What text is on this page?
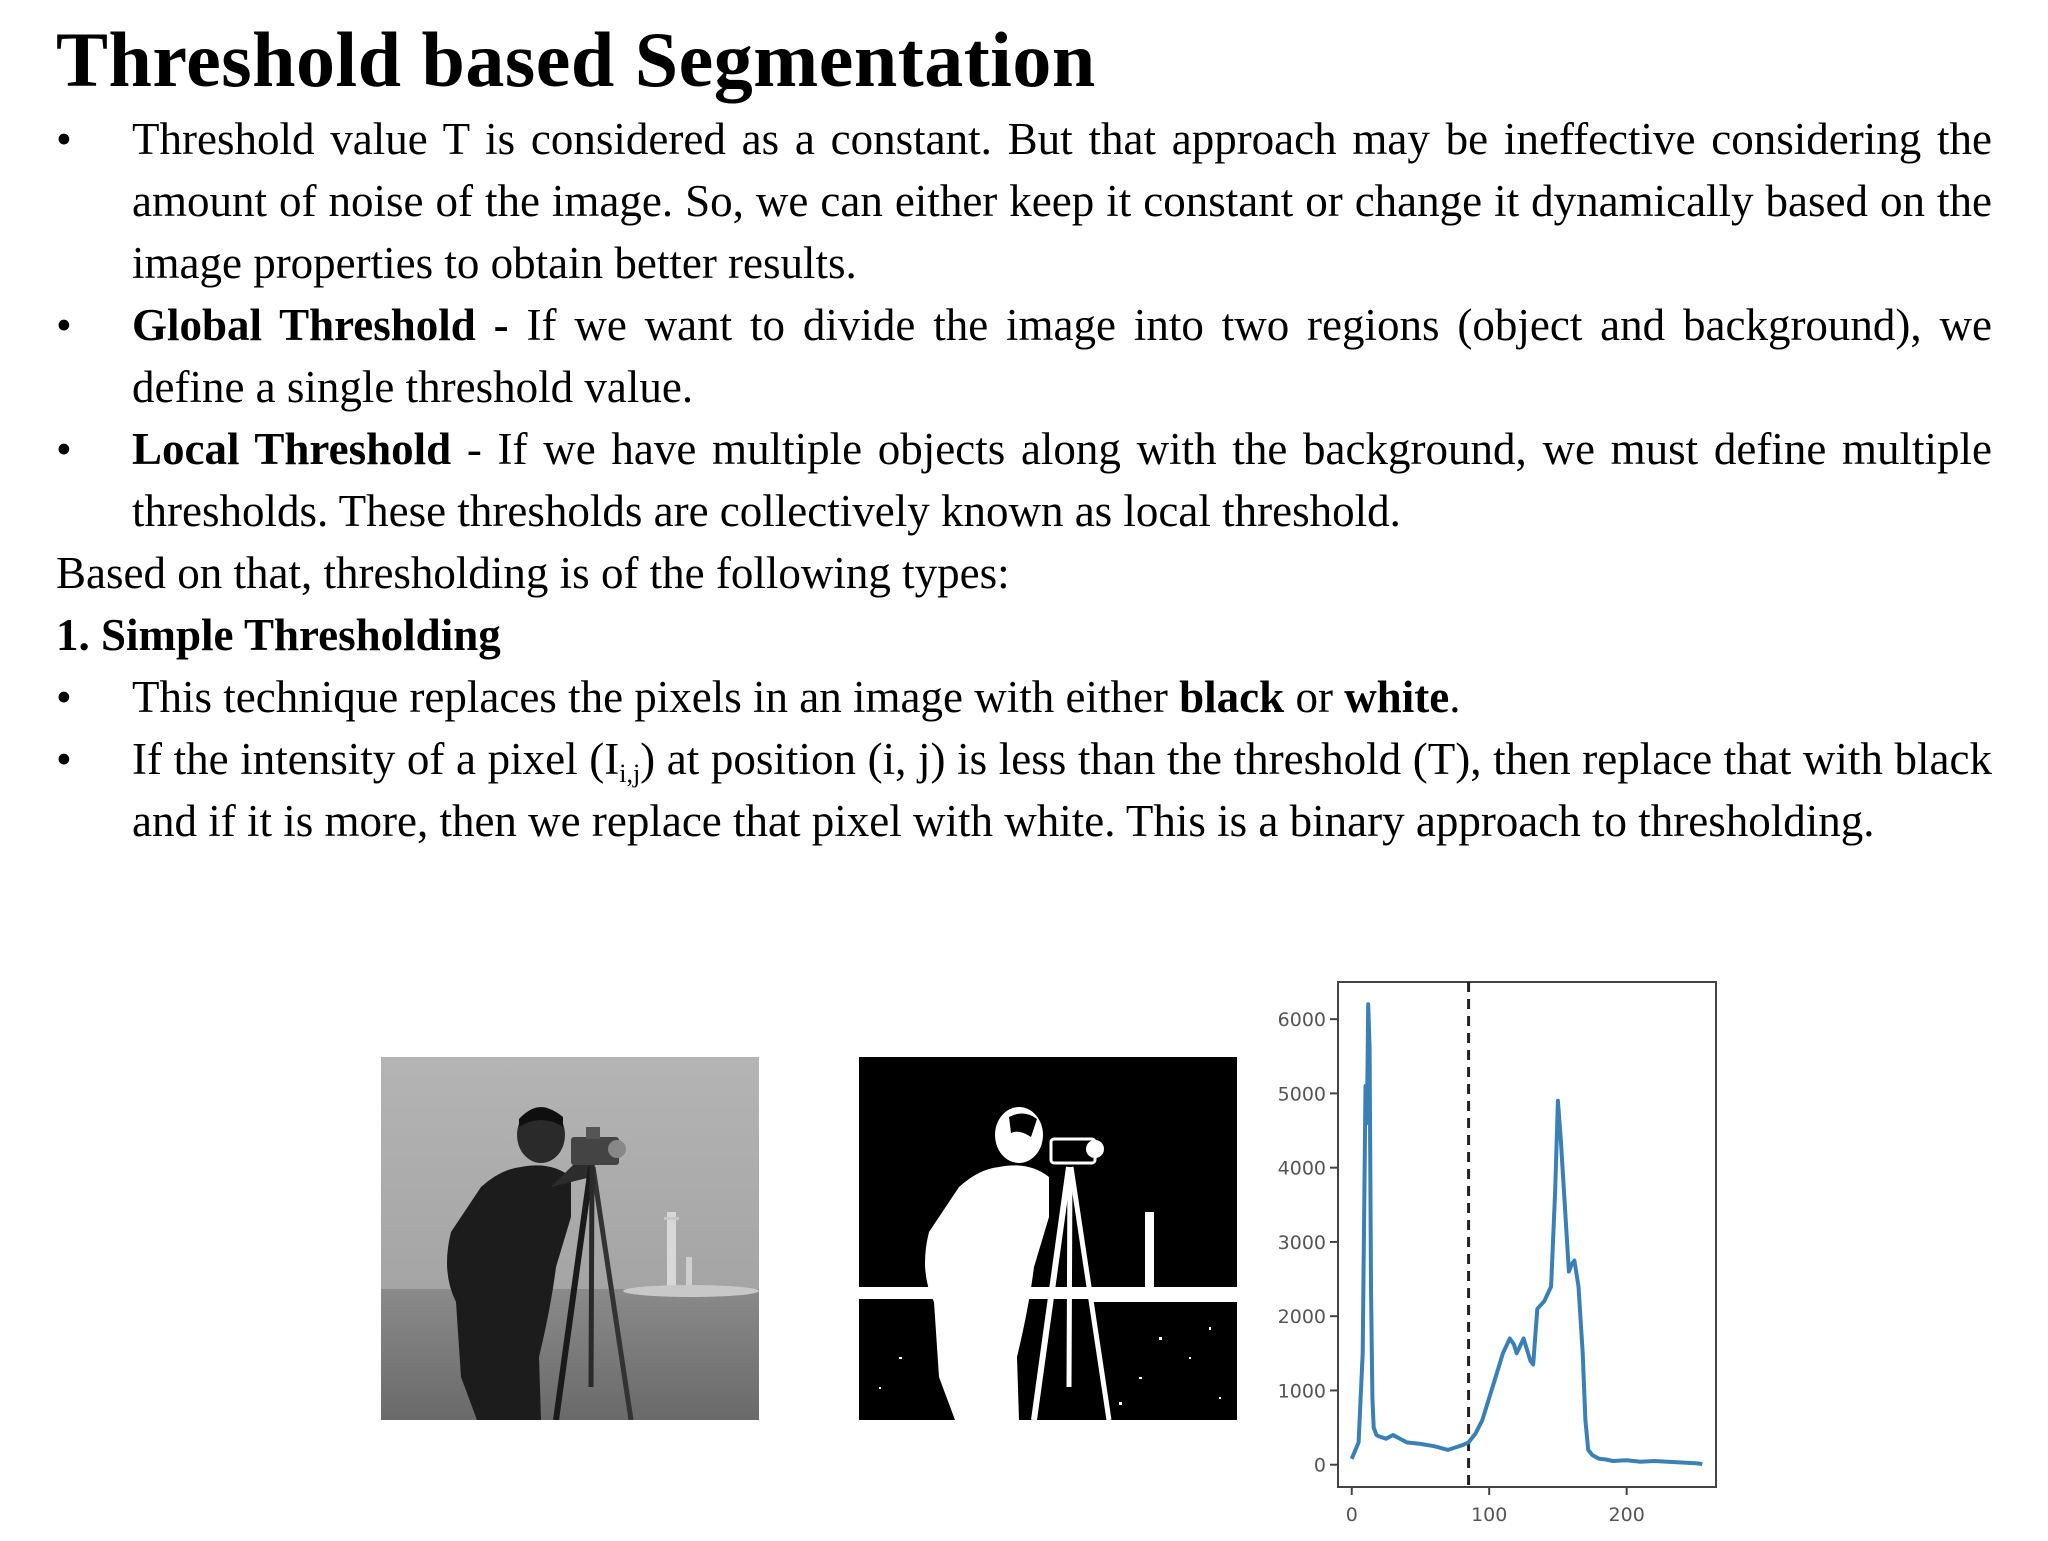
Threshold based Segmentation
• Threshold value T is considered as a constant. But that approach may be ineffective considering the amount of noise of the image. So, we can either keep it constant or change it dynamically based on the image properties to obtain better results.
• Global Threshold - If we want to divide the image into two regions (object and background), we define a single threshold value.
• Local Threshold - If we have multiple objects along with the background, we must define multiple thresholds. These thresholds are collectively known as local threshold.
Based on that, thresholding is of the following types:
1. Simple Thresholding
• This technique replaces the pixels in an image with either black or white.
• If the intensity of a pixel $(I_{i,j})$ at position (i, j) is less than the threshold (T), then replace that with black and if it is more, then we replace that pixel with white. This is a binary approach to thresholding.
0
1000
2000
3000
4000
5000
6000
0	100	200
